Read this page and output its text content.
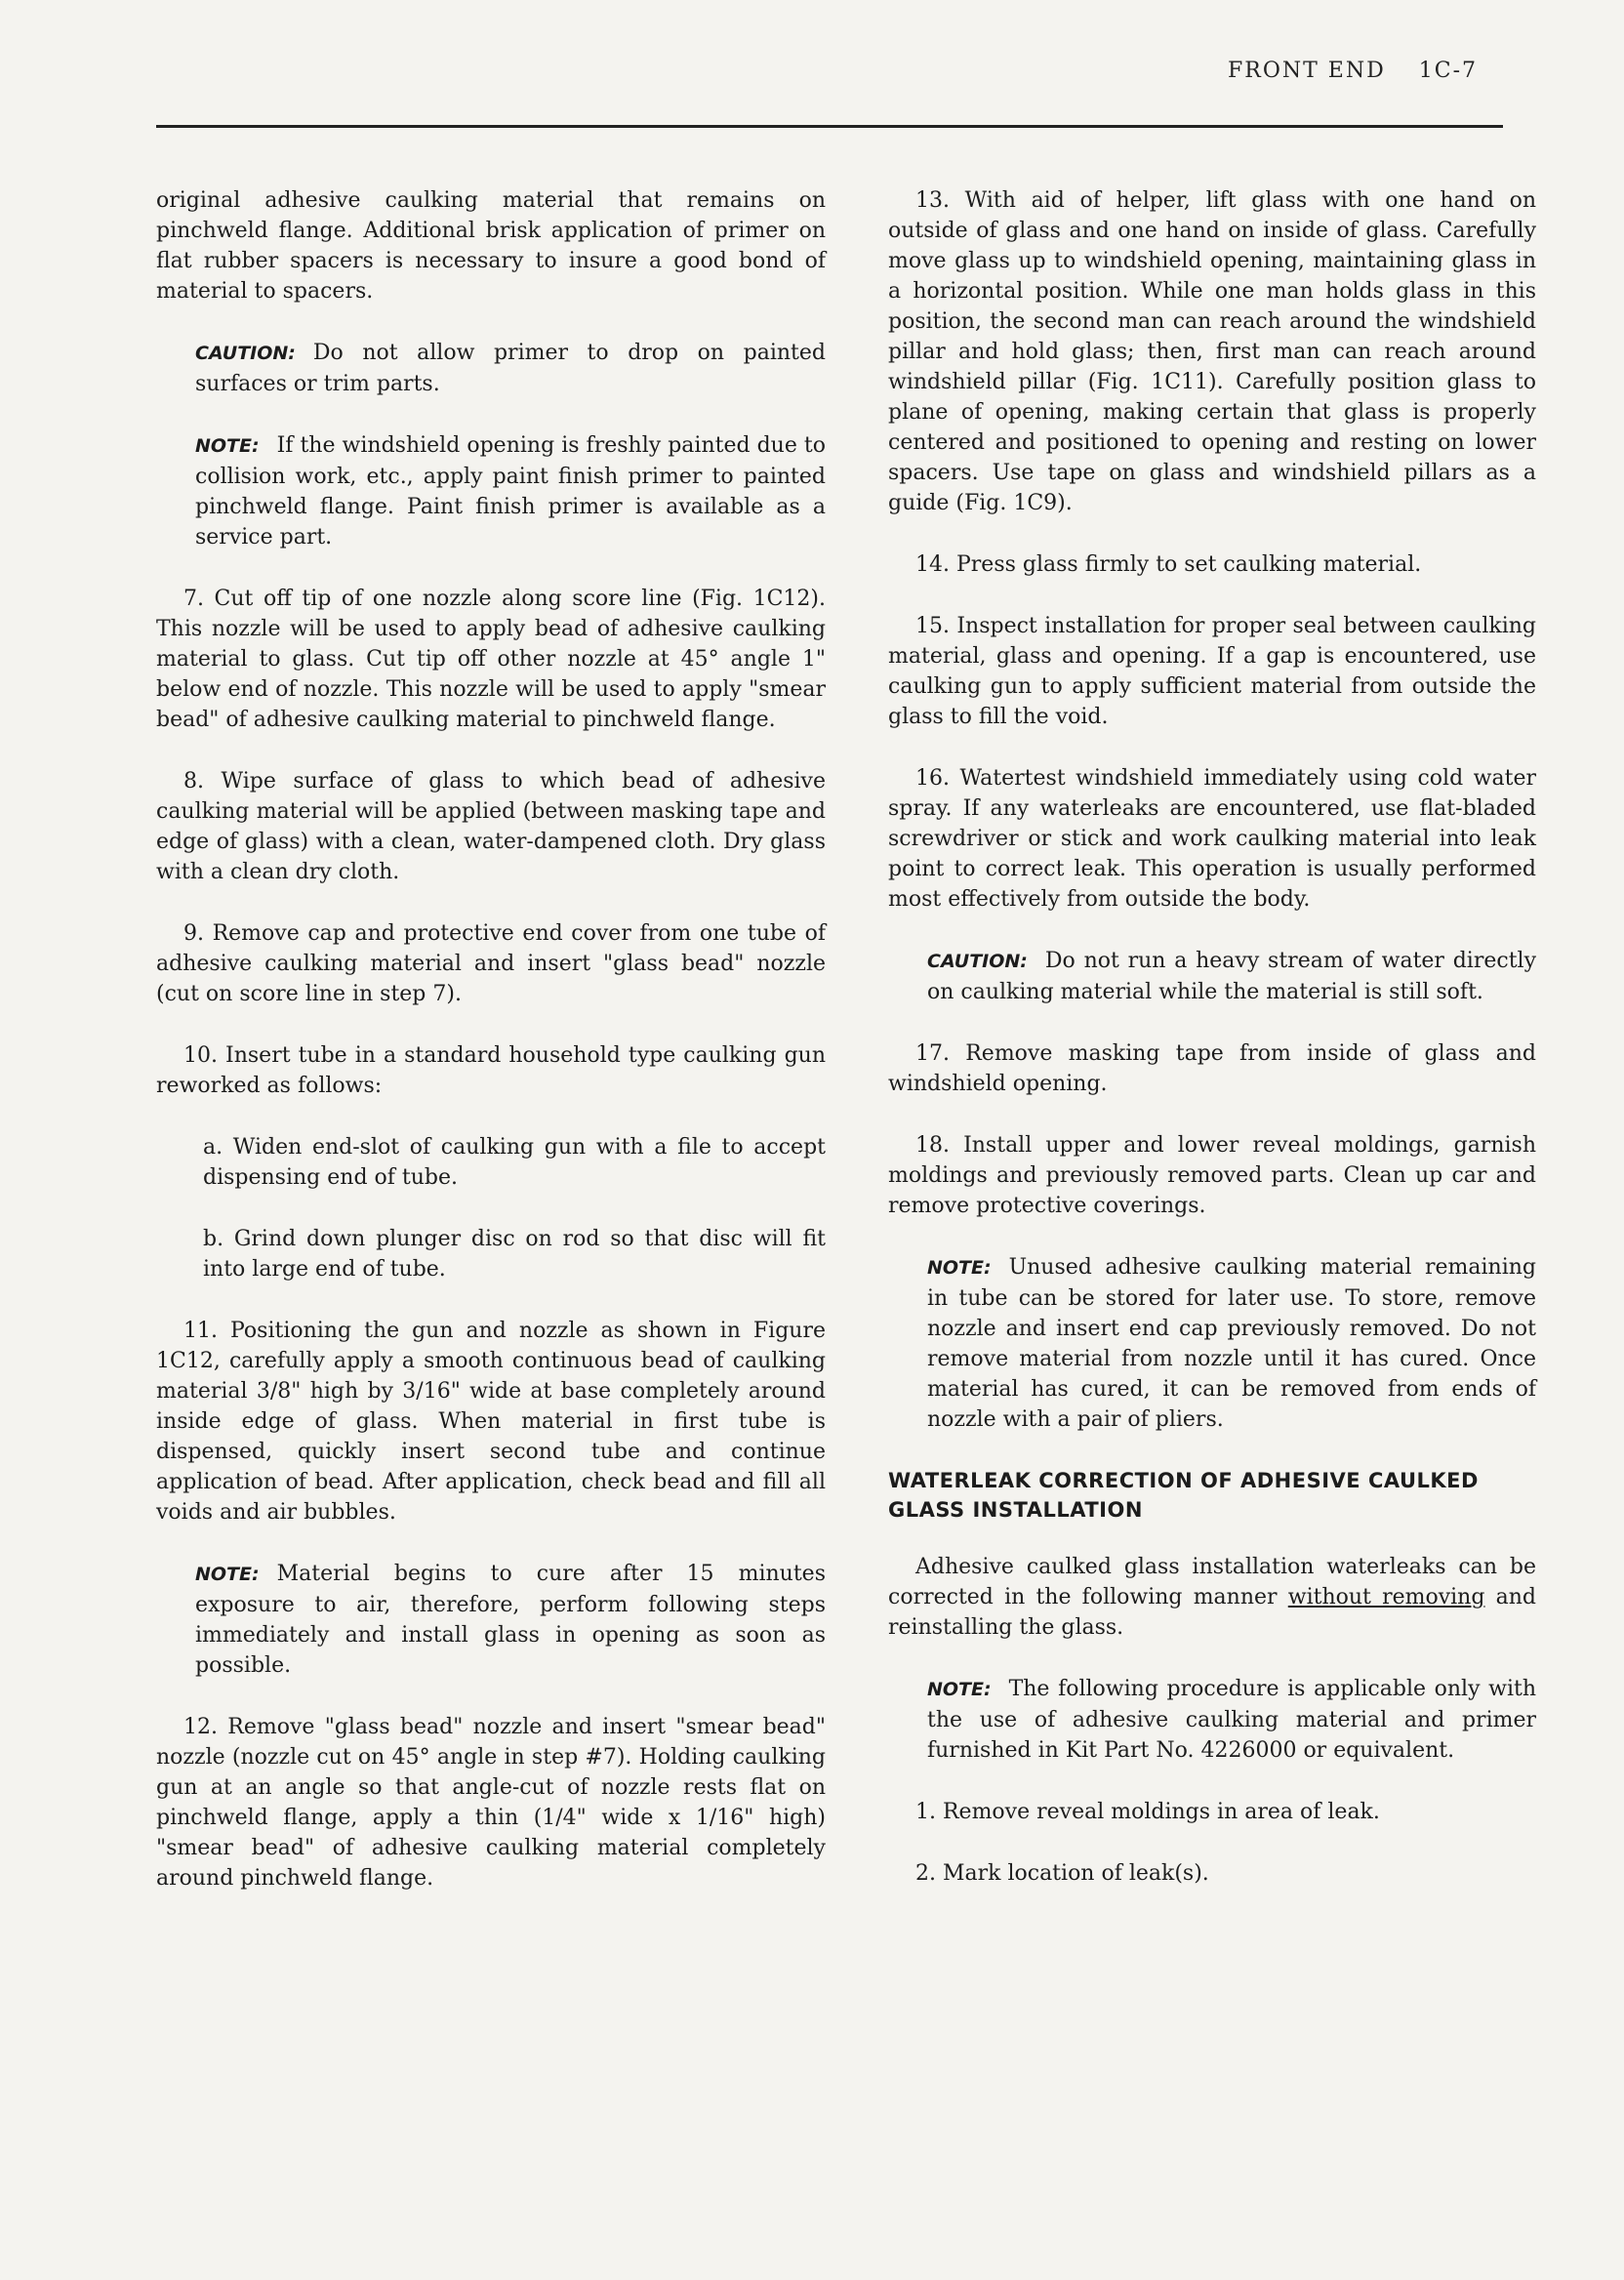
FRONT END 1C-7

original adhesive caulking material that remains on pinchweld flange. Additional brisk application of primer on flat rubber spacers is necessary to insure a good bond of material to spacers.

CAUTION: Do not allow primer to drop on painted surfaces or trim parts.

NOTE: If the windshield opening is freshly painted due to collision work, etc., apply paint finish primer to painted pinchweld flange. Paint finish primer is available as a service part.

7. Cut off tip of one nozzle along score line (Fig. 1C12). This nozzle will be used to apply bead of adhesive caulking material to glass. Cut tip off other nozzle at 45° angle 1" below end of nozzle. This nozzle will be used to apply "smear bead" of adhesive caulking material to pinchweld flange.

8. Wipe surface of glass to which bead of adhesive caulking material will be applied (between masking tape and edge of glass) with a clean, water-dampened cloth. Dry glass with a clean dry cloth.

9. Remove cap and protective end cover from one tube of adhesive caulking material and insert "glass bead" nozzle (cut on score line in step 7).

10. Insert tube in a standard household type caulking gun reworked as follows:

a. Widen end-slot of caulking gun with a file to accept dispensing end of tube.

b. Grind down plunger disc on rod so that disc will fit into large end of tube.

11. Positioning the gun and nozzle as shown in Figure 1C12, carefully apply a smooth continuous bead of caulking material 3/8" high by 3/16" wide at base completely around inside edge of glass. When material in first tube is dispensed, quickly insert second tube and continue application of bead. After application, check bead and fill all voids and air bubbles.

NOTE: Material begins to cure after 15 minutes exposure to air, therefore, perform following steps immediately and install glass in opening as soon as possible.

12. Remove "glass bead" nozzle and insert "smear bead" nozzle (nozzle cut on 45° angle in step #7). Holding caulking gun at an angle so that angle-cut of nozzle rests flat on pinchweld flange, apply a thin (1/4" wide x 1/16" high) "smear bead" of adhesive caulking material completely around pinchweld flange.

13. With aid of helper, lift glass with one hand on outside of glass and one hand on inside of glass. Carefully move glass up to windshield opening, maintaining glass in a horizontal position. While one man holds glass in this position, the second man can reach around the windshield pillar and hold glass; then, first man can reach around windshield pillar (Fig. 1C11). Carefully position glass to plane of opening, making certain that glass is properly centered and positioned to opening and resting on lower spacers. Use tape on glass and windshield pillars as a guide (Fig. 1C9).

14. Press glass firmly to set caulking material.

15. Inspect installation for proper seal between caulking material, glass and opening. If a gap is encountered, use caulking gun to apply sufficient material from outside the glass to fill the void.

16. Watertest windshield immediately using cold water spray. If any waterleaks are encountered, use flat-bladed screwdriver or stick and work caulking material into leak point to correct leak. This operation is usually performed most effectively from outside the body.

CAUTION: Do not run a heavy stream of water directly on caulking material while the material is still soft.

17. Remove masking tape from inside of glass and windshield opening.

18. Install upper and lower reveal moldings, garnish moldings and previously removed parts. Clean up car and remove protective coverings.

NOTE: Unused adhesive caulking material remaining in tube can be stored for later use. To store, remove nozzle and insert end cap previously removed. Do not remove material from nozzle until it has cured. Once material has cured, it can be removed from ends of nozzle with a pair of pliers.

WATERLEAK CORRECTION OF ADHESIVE CAULKED GLASS INSTALLATION

Adhesive caulked glass installation waterleaks can be corrected in the following manner without removing and reinstalling the glass.

NOTE: The following procedure is applicable only with the use of adhesive caulking material and primer furnished in Kit Part No. 4226000 or equivalent.

1. Remove reveal moldings in area of leak.

2. Mark location of leak(s).
